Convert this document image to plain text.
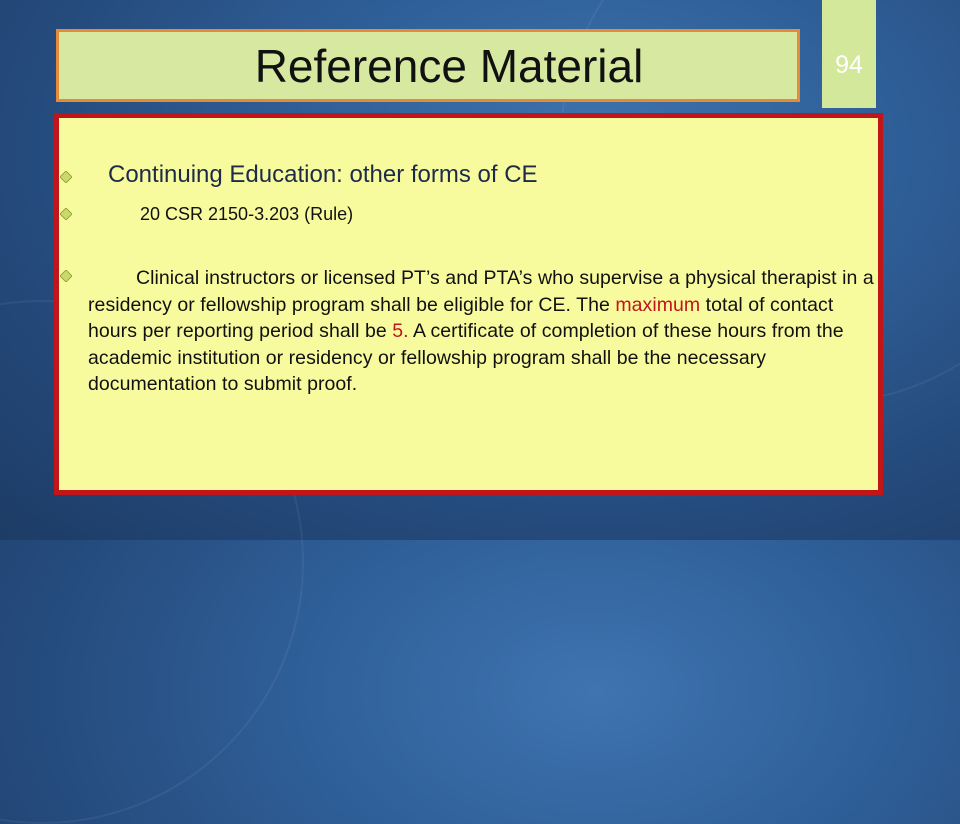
Reference Material	94
Continuing Education: other forms of CE
20 CSR 2150-3.203 (Rule)

Clinical instructors or licensed PT’s and PTA’s who supervise a physical therapist in a residency or fellowship program shall be eligible for CE. The maximum total of contact hours per reporting period shall be 5. A certificate of completion of these hours from the academic institution or residency or fellowship program shall be the necessary documentation to submit proof.
